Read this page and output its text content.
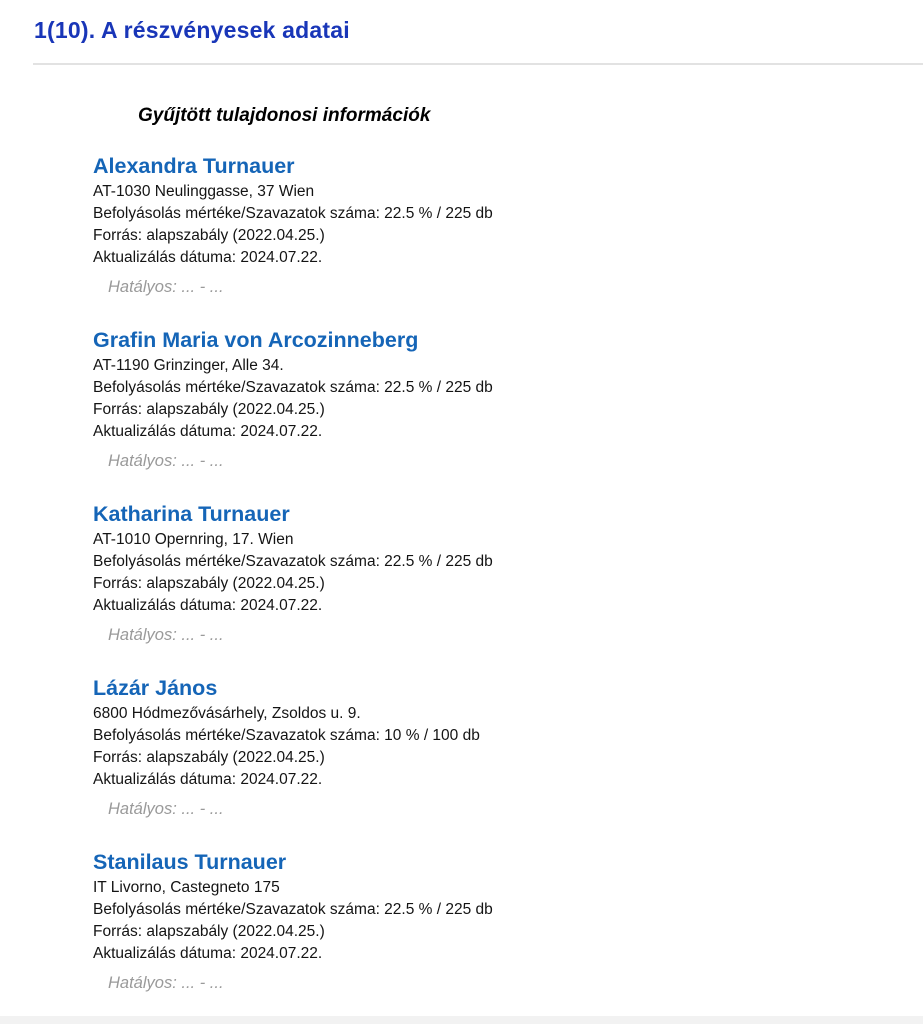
1(10). A részvényesek adatai
Gyűjtött tulajdonosi információk
Alexandra Turnauer
AT-1030 Neulinggasse, 37 Wien
Befolyásolás mértéke/Szavazatok száma: 22.5 % / 225 db
Forrás: alapszabály (2022.04.25.)
Aktualizálás dátuma: 2024.07.22.
Hatályos: ... - ...
Grafin Maria von Arcozinneberg
AT-1190 Grinzinger, Alle 34.
Befolyásolás mértéke/Szavazatok száma: 22.5 % / 225 db
Forrás: alapszabály (2022.04.25.)
Aktualizálás dátuma: 2024.07.22.
Hatályos: ... - ...
Katharina Turnauer
AT-1010 Opernring, 17. Wien
Befolyásolás mértéke/Szavazatok száma: 22.5 % / 225 db
Forrás: alapszabály (2022.04.25.)
Aktualizálás dátuma: 2024.07.22.
Hatályos: ... - ...
Lázár János
6800 Hódmezővásárhely, Zsoldos u. 9.
Befolyásolás mértéke/Szavazatok száma: 10 % / 100 db
Forrás: alapszabály (2022.04.25.)
Aktualizálás dátuma: 2024.07.22.
Hatályos: ... - ...
Stanilaus Turnauer
IT Livorno, Castegneto 175
Befolyásolás mértéke/Szavazatok száma: 22.5 % / 225 db
Forrás: alapszabály (2022.04.25.)
Aktualizálás dátuma: 2024.07.22.
Hatályos: ... - ...
